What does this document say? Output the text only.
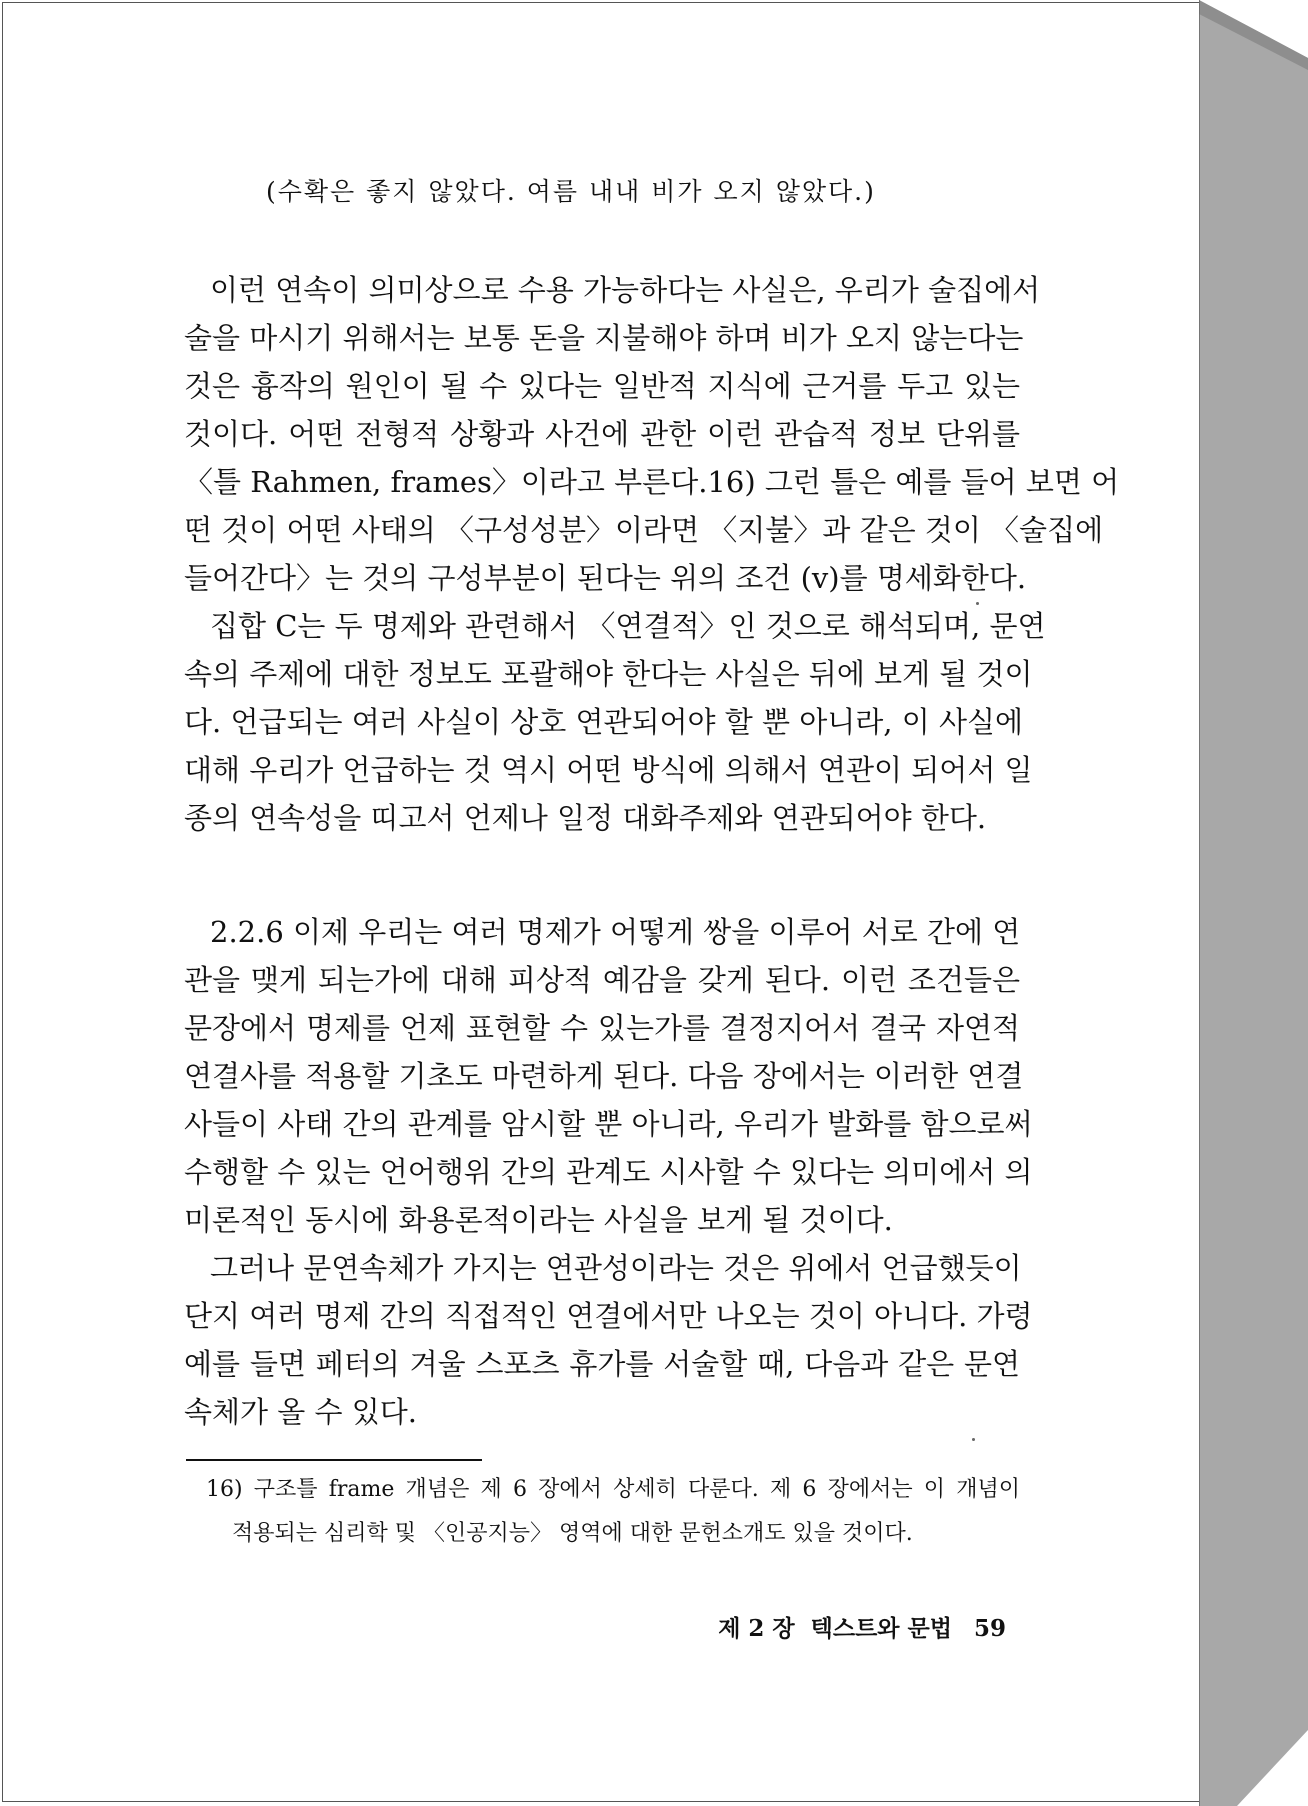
(수확은 좋지 않았다. 여름 내내 비가 오지 않았다.)
이런 연속이 의미상으로 수용 가능하다는 사실은, 우리가 술집에서
술을 마시기 위해서는 보통 돈을 지불해야 하며 비가 오지 않는다는
것은 흉작의 원인이 될 수 있다는 일반적 지식에 근거를 두고 있는
것이다. 어떤 전형적 상황과 사건에 관한 이런 관습적 정보 단위를
〈틀 Rahmen, frames〉이라고 부른다.16) 그런 틀은 예를 들어 보면 어
떤 것이 어떤 사태의 〈구성성분〉이라면 〈지불〉과 같은 것이 〈술집에
들어간다〉는 것의 구성부분이 된다는 위의 조건 (v)를 명세화한다.
집합 C는 두 명제와 관련해서 〈연결적〉인 것으로 해석되며, 문연
속의 주제에 대한 정보도 포괄해야 한다는 사실은 뒤에 보게 될 것이
다. 언급되는 여러 사실이 상호 연관되어야 할 뿐 아니라, 이 사실에
대해 우리가 언급하는 것 역시 어떤 방식에 의해서 연관이 되어서 일
종의 연속성을 띠고서 언제나 일정 대화주제와 연관되어야 한다.
2.2.6 이제 우리는 여러 명제가 어떻게 쌍을 이루어 서로 간에 연
관을 맺게 되는가에 대해 피상적 예감을 갖게 된다. 이런 조건들은
문장에서 명제를 언제 표현할 수 있는가를 결정지어서 결국 자연적
연결사를 적용할 기초도 마련하게 된다. 다음 장에서는 이러한 연결
사들이 사태 간의 관계를 암시할 뿐 아니라, 우리가 발화를 함으로써
수행할 수 있는 언어행위 간의 관계도 시사할 수 있다는 의미에서 의
미론적인 동시에 화용론적이라는 사실을 보게 될 것이다.
그러나 문연속체가 가지는 연관성이라는 것은 위에서 언급했듯이
단지 여러 명제 간의 직접적인 연결에서만 나오는 것이 아니다. 가령
예를 들면 페터의 겨울 스포츠 휴가를 서술할 때, 다음과 같은 문연
속체가 올 수 있다.
16) 구조틀 frame 개념은 제 6 장에서 상세히 다룬다. 제 6 장에서는 이 개념이
적용되는 심리학 및 〈인공지능〉 영역에 대한 문헌소개도 있을 것이다.
제 2 장  텍스트와 문법 59
